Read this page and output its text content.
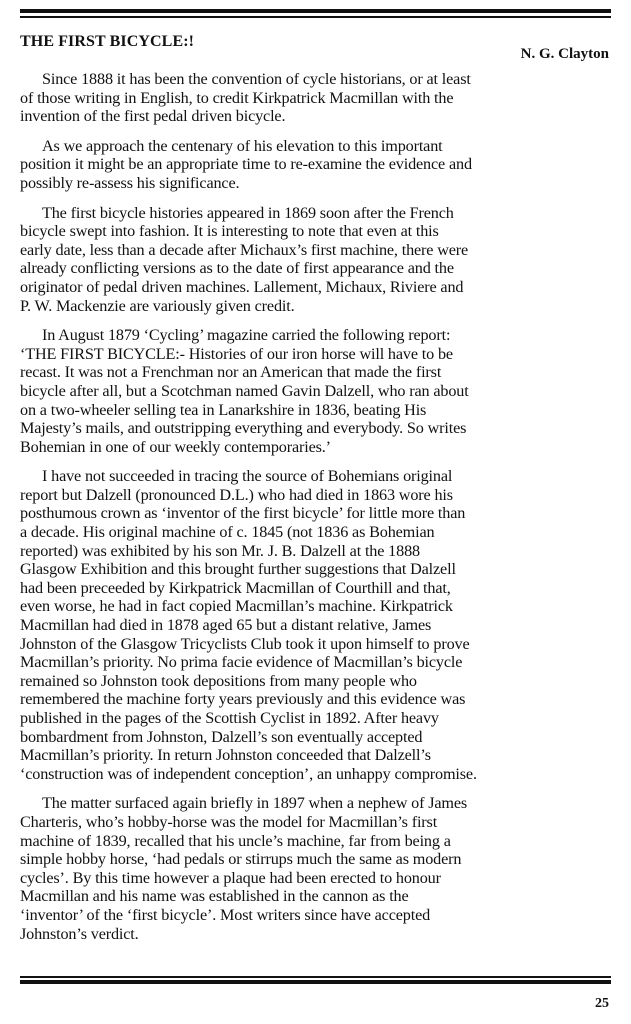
THE FIRST BICYCLE:!

N. G. Clayton

Since 1888 it has been the convention of cycle historians, or at least
of those writing in English, to credit Kirkpatrick Macmillan with the
invention of the first pedal driven bicycle.

As we approach the centenary of his elevation to this important
position it might be an appropriate time to re-examine the evidence and
possibly re-assess his significance.

The first bicycle histories appeared in 1869 soon after the French
bicycle swept into fashion. It is interesting to note that even at this
early date, less than a decade after Michaux’s first machine, there were
already conflicting versions as to the date of first appearance and the
originator of pedal driven machines. Lallement, Michaux, Riviere and
P. W. Mackenzie are variously given credit.

In August 1879 ‘Cycling’ magazine carried the following report:
‘THE FIRST BICYCLE:- Histories of our iron horse will have to be
recast. It was not a Frenchman nor an American that made the first
bicycle after all, but a Scotchman named Gavin Dalzell, who ran about
on a two-wheeler selling tea in Lanarkshire in 1836, beating His
Majesty’s mails, and outstripping everything and everybody. So writes
Bohemian in one of our weekly contemporaries.’

I have not succeeded in tracing the source of Bohemians original
report but Dalzell (pronounced D.L.) who had died in 1863 wore his
posthumous crown as ‘inventor of the first bicycle’ for little more than
a decade. His original machine of c. 1845 (not 1836 as Bohemian
reported) was exhibited by his son Mr. J. B. Dalzell at the 1888
Glasgow Exhibition and this brought further suggestions that Dalzell
had been preceeded by Kirkpatrick Macmillan of Courthill and that,
even worse, he had in fact copied Macmillan’s machine. Kirkpatrick
Macmillan had died in 1878 aged 65 but a distant relative, James
Johnston of the Glasgow Tricyclists Club took it upon himself to prove
Macmillan’s priority. No prima facie evidence of Macmillan’s bicycle
remained so Johnston took depositions from many people who
remembered the machine forty years previously and this evidence was
published in the pages of the Scottish Cyclist in 1892. After heavy
bombardment from Johnston, Dalzell’s son eventually accepted
Macmillan’s priority. In return Johnston conceeded that Dalzell’s
‘construction was of independent conception’, an unhappy compromise.

The matter surfaced again briefly in 1897 when a nephew of James
Charteris, who’s hobby-horse was the model for Macmillan’s first
machine of 1839, recalled that his uncle’s machine, far from being a
simple hobby horse, ‘had pedals or stirrups much the same as modern
cycles’. By this time however a plaque had been erected to honour
Macmillan and his name was established in the cannon as the
‘inventor’ of the ‘first bicycle’. Most writers since have accepted
Johnston’s verdict.

25
